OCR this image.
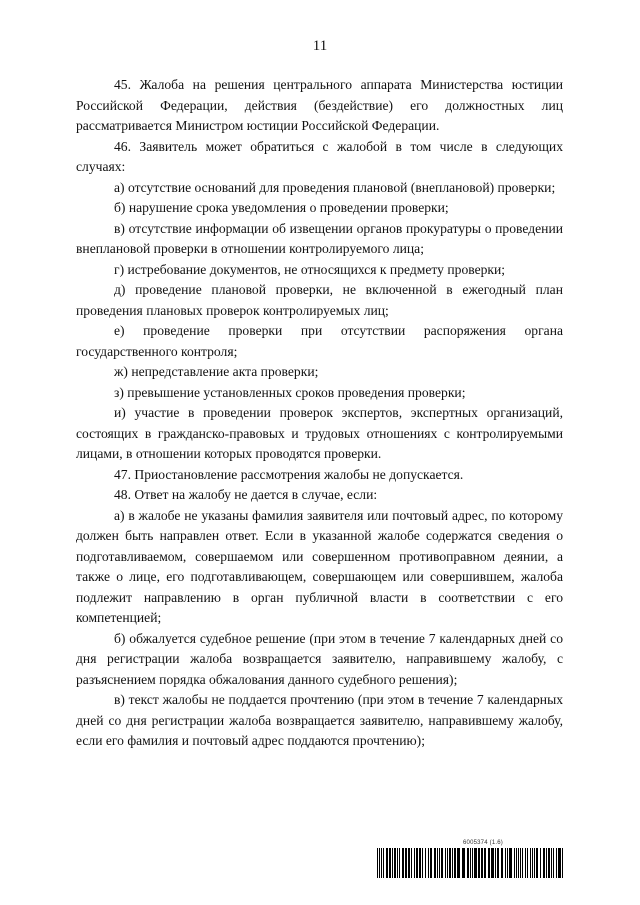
11

45. Жалоба на решения центрального аппарата Министерства юстиции Российской Федерации, действия (бездействие) его должностных лиц рассматривается Министром юстиции Российской Федерации.

46. Заявитель может обратиться с жалобой в том числе в следующих случаях:

а) отсутствие оснований для проведения плановой (внеплановой) проверки;

б) нарушение срока уведомления о проведении проверки;

в) отсутствие информации об извещении органов прокуратуры о проведении внеплановой проверки в отношении контролируемого лица;

г) истребование документов, не относящихся к предмету проверки;

д) проведение плановой проверки, не включенной в ежегодный план проведения плановых проверок контролируемых лиц;

е) проведение проверки при отсутствии распоряжения органа государственного контроля;

ж) непредставление акта проверки;

з) превышение установленных сроков проведения проверки;

и) участие в проведении проверок экспертов, экспертных организаций, состоящих в гражданско-правовых и трудовых отношениях с контролируемыми лицами, в отношении которых проводятся проверки.

47. Приостановление рассмотрения жалобы не допускается.

48. Ответ на жалобу не дается в случае, если:

а) в жалобе не указаны фамилия заявителя или почтовый адрес, по которому должен быть направлен ответ. Если в указанной жалобе содержатся сведения о подготавливаемом, совершаемом или совершенном противоправном деянии, а также о лице, его подготавливающем, совершающем или совершившем, жалоба подлежит направлению в орган публичной власти в соответствии с его компетенцией;

б) обжалуется судебное решение (при этом в течение 7 календарных дней со дня регистрации жалоба возвращается заявителю, направившему жалобу, с разъяснением порядка обжалования данного судебного решения);

в) текст жалобы не поддается прочтению (при этом в течение 7 календарных дней со дня регистрации жалоба возвращается заявителю, направившему жалобу, если его фамилия и почтовый адрес поддаются прочтению);

6005374 (1.6)
